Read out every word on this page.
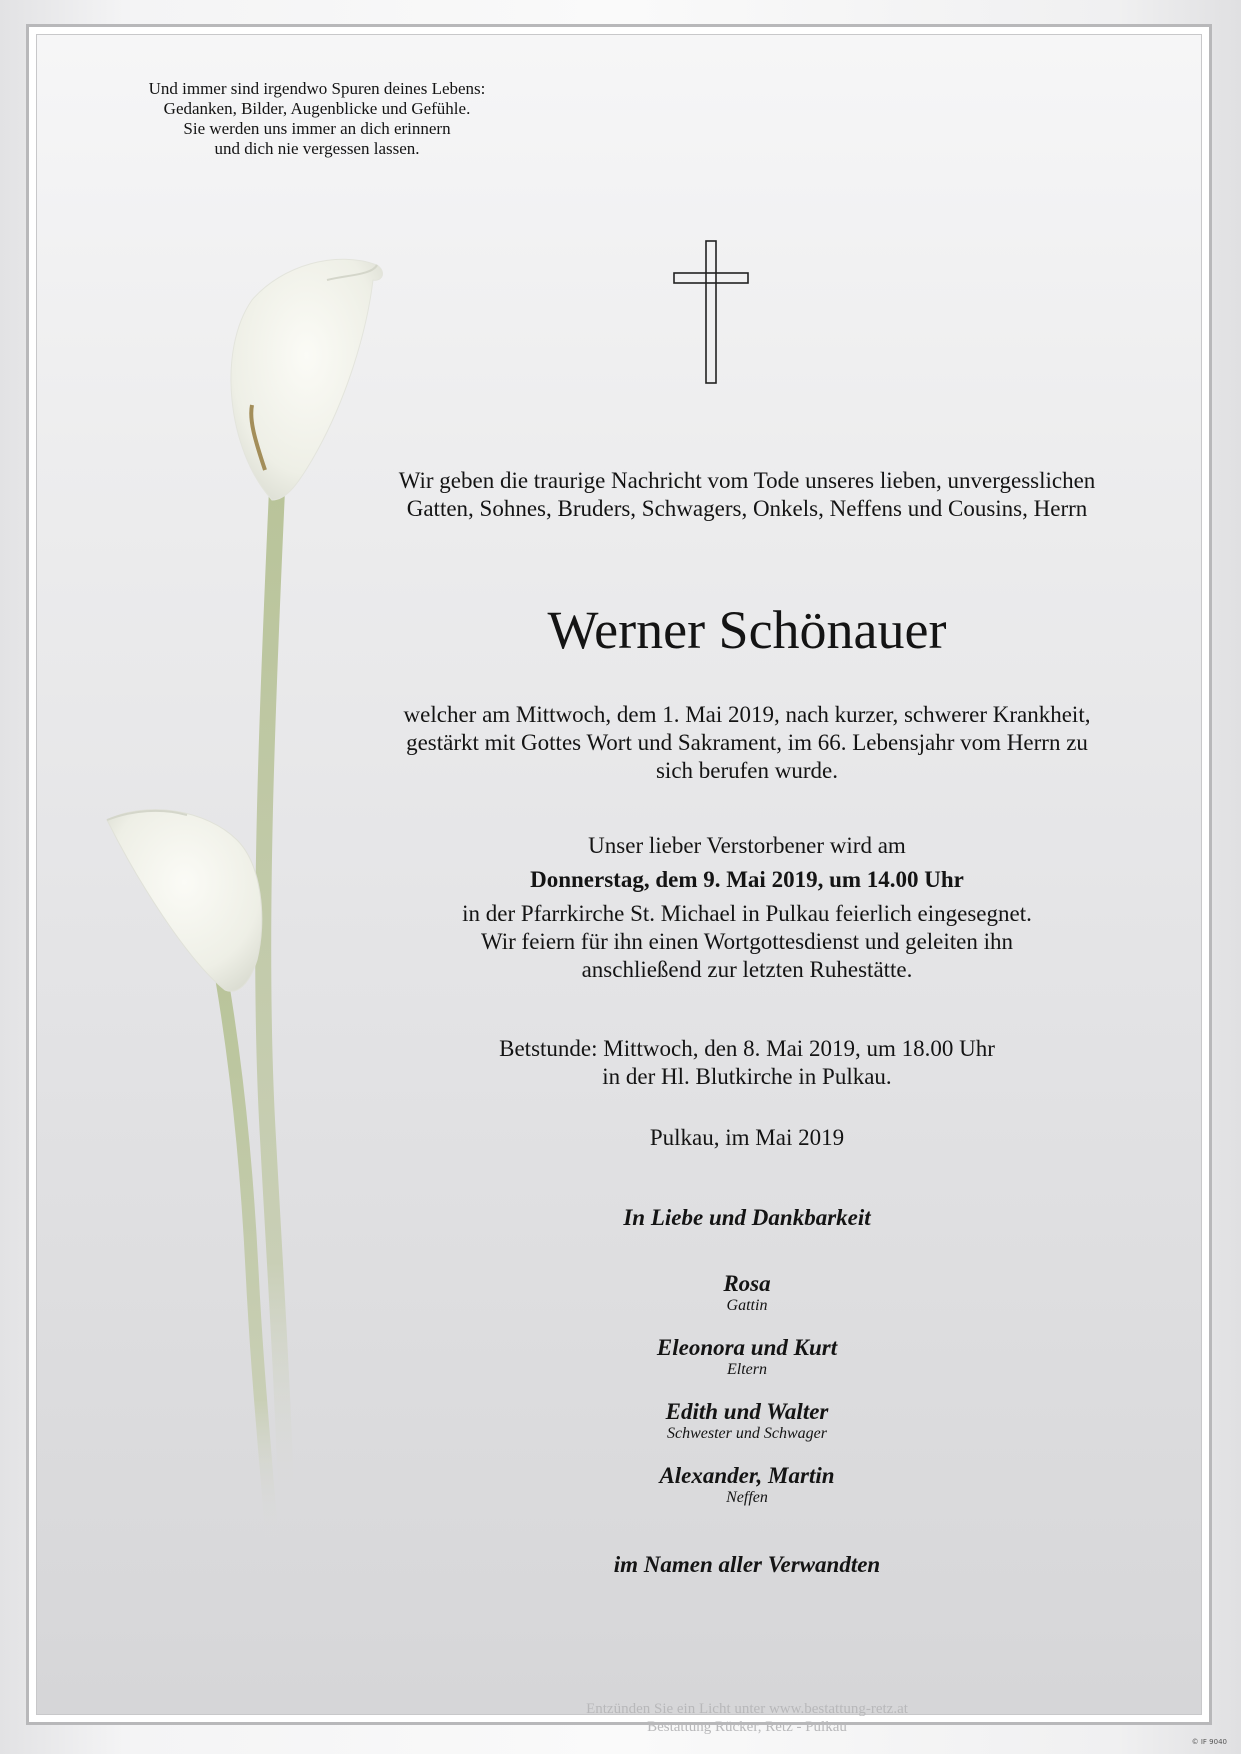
Und immer sind irgendwo Spuren deines Lebens:
Gedanken, Bilder, Augenblicke und Gefühle.
Sie werden uns immer an dich erinnern
und dich nie vergessen lassen.
Wir geben die traurige Nachricht vom Tode unseres lieben, unvergesslichen
Gatten, Sohnes, Bruders, Schwagers, Onkels, Neffens und Cousins, Herrn
Werner Schönauer
welcher am Mittwoch, dem 1. Mai 2019, nach kurzer, schwerer Krankheit,
gestärkt mit Gottes Wort und Sakrament, im 66. Lebensjahr vom Herrn zu
sich berufen wurde.
Unser lieber Verstorbener wird am
Donnerstag, dem 9. Mai 2019, um 14.00 Uhr
in der Pfarrkirche St. Michael in Pulkau feierlich eingesegnet.
Wir feiern für ihn einen Wortgottesdienst und geleiten ihn
anschließend zur letzten Ruhestätte.
Betstunde: Mittwoch, den 8. Mai 2019, um 18.00 Uhr
in der Hl. Blutkirche in Pulkau.
Pulkau, im Mai 2019
In Liebe und Dankbarkeit
Rosa
Gattin
Eleonora und Kurt
Eltern
Edith und Walter
Schwester und Schwager
Alexander, Martin
Neffen
im Namen aller Verwandten
Entzünden Sie ein Licht unter www.bestattung-retz.at
Bestattung Rücker, Retz - Pulkau
© IF 9040
